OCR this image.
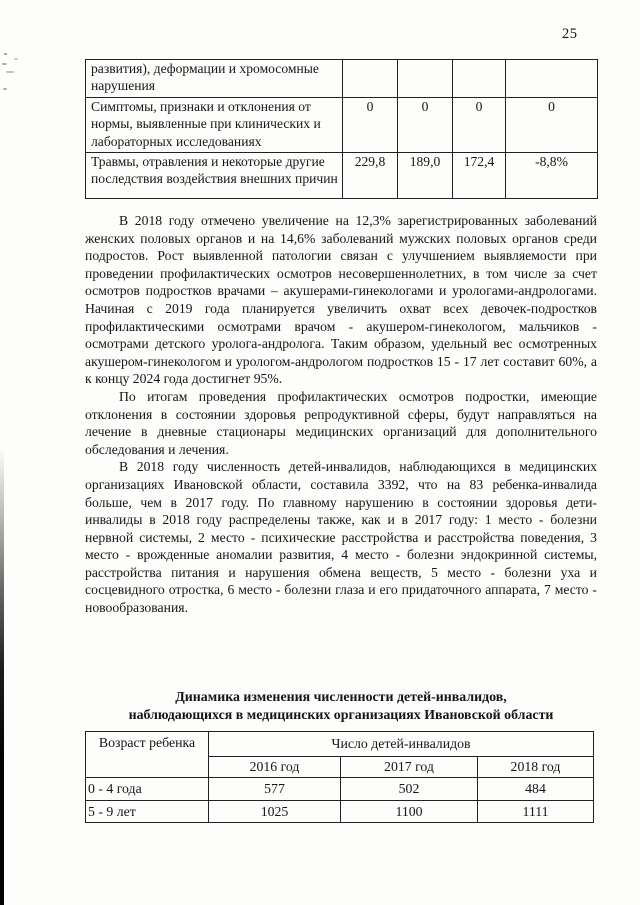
25
развития), деформации и хромосомные нарушения				
Симптомы, признаки и отклонения от нормы, выявленные при клинических и лабораторных исследованиях	0	0	0	0
Травмы, отравления и некоторые другие последствия воздействия внешних причин	229,8	189,0	172,4	-8,8%

В 2018 году отмечено увеличение на 12,3% зарегистрированных заболеваний женских половых органов и на 14,6% заболеваний мужских половых органов среди подростов. Рост выявленной патологии связан с улучшением выявляемости при проведении профилактических осмотров несовершеннолетних, в том числе за счет осмотров подростков врачами – акушерами-гинекологами и урологами-андрологами. Начиная с 2019 года планируется увеличить охват всех девочек-подростков профилактическими осмотрами врачом - акушером-гинекологом, мальчиков - осмотрами детского уролога-андролога. Таким образом, удельный вес осмотренных акушером-гинекологом и урологом-андрологом подростков 15 - 17 лет составит 60%, а к концу 2024 года достигнет 95%.

По итогам проведения профилактических осмотров подростки, имеющие отклонения в состоянии здоровья репродуктивной сферы, будут направляться на лечение в дневные стационары медицинских организаций для дополнительного обследования и лечения.

В 2018 году численность детей-инвалидов, наблюдающихся в медицинских организациях Ивановской области, составила 3392, что на 83 ребенка-инвалида больше, чем в 2017 году. По главному нарушению в состоянии здоровья дети-инвалиды в 2018 году распределены также, как и в 2017 году: 1 место - болезни нервной системы, 2 место - психические расстройства и расстройства поведения, 3 место - врожденные аномалии развития, 4 место - болезни эндокринной системы, расстройства питания и нарушения обмена веществ, 5 место - болезни уха и сосцевидного отростка, 6 место - болезни глаза и его придаточного аппарата, 7 место - новообразования.

Динамика изменения численности детей-инвалидов,
наблюдающихся в медицинских организациях Ивановской области
Возраст ребенка	Число детей-инвалидов		
	2016 год	2017 год	2018 год
0 - 4 года	577	502	484
5 - 9 лет	1025	1100	1111
